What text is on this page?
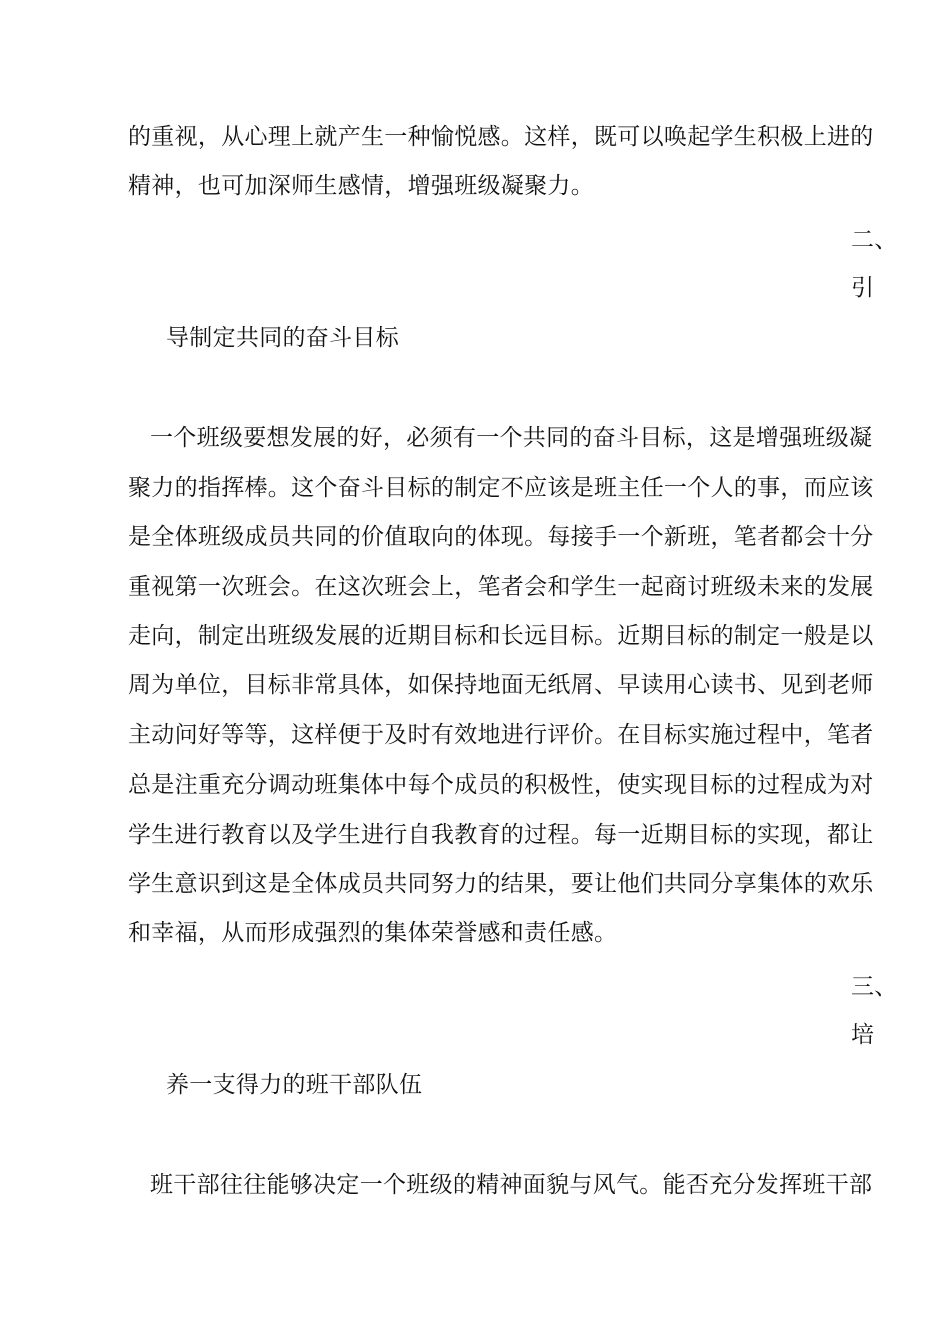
的重视，从心理上就产生一种愉悦感。这样，既可以唤起学生积极上进的
精神，也可加深师生感情，增强班级凝聚力。
二、
引
导制定共同的奋斗目标
一个班级要想发展的好，必须有一个共同的奋斗目标，这是增强班级凝
聚力的指挥棒。这个奋斗目标的制定不应该是班主任一个人的事，而应该
是全体班级成员共同的价值取向的体现。每接手一个新班，笔者都会十分
重视第一次班会。在这次班会上，笔者会和学生一起商讨班级未来的发展
走向，制定出班级发展的近期目标和长远目标。近期目标的制定一般是以
周为单位，目标非常具体，如保持地面无纸屑、早读用心读书、见到老师
主动问好等等，这样便于及时有效地进行评价。在目标实施过程中，笔者
总是注重充分调动班集体中每个成员的积极性，使实现目标的过程成为对
学生进行教育以及学生进行自我教育的过程。每一近期目标的实现，都让
学生意识到这是全体成员共同努力的结果，要让他们共同分享集体的欢乐
和幸福，从而形成强烈的集体荣誉感和责任感。
三、
培
养一支得力的班干部队伍
班干部往往能够决定一个班级的精神面貌与风气。能否充分发挥班干部
